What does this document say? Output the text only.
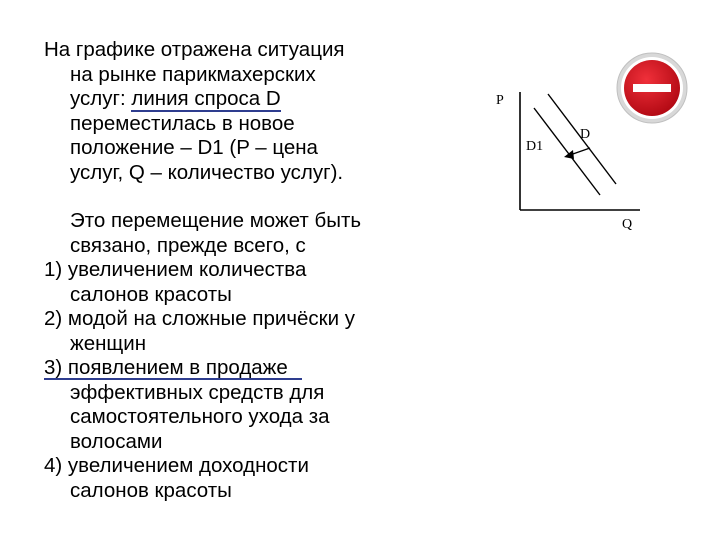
На графике отражена ситуация
на рынке парикмахерских
услуг: линия спроса D
переместилась в новое
положение – D1 (P – цена
услуг, Q – количество услуг).
Это перемещение может быть
связано, прежде всего, с
1) увеличением количества
салонов красоты
2) модой на сложные причёски у
женщин
3) появлением в продаже
эффективных средств для
самостоятельного ухода за
волосами
4) увеличением доходности
салонов красоты
P
Q
D
D1
